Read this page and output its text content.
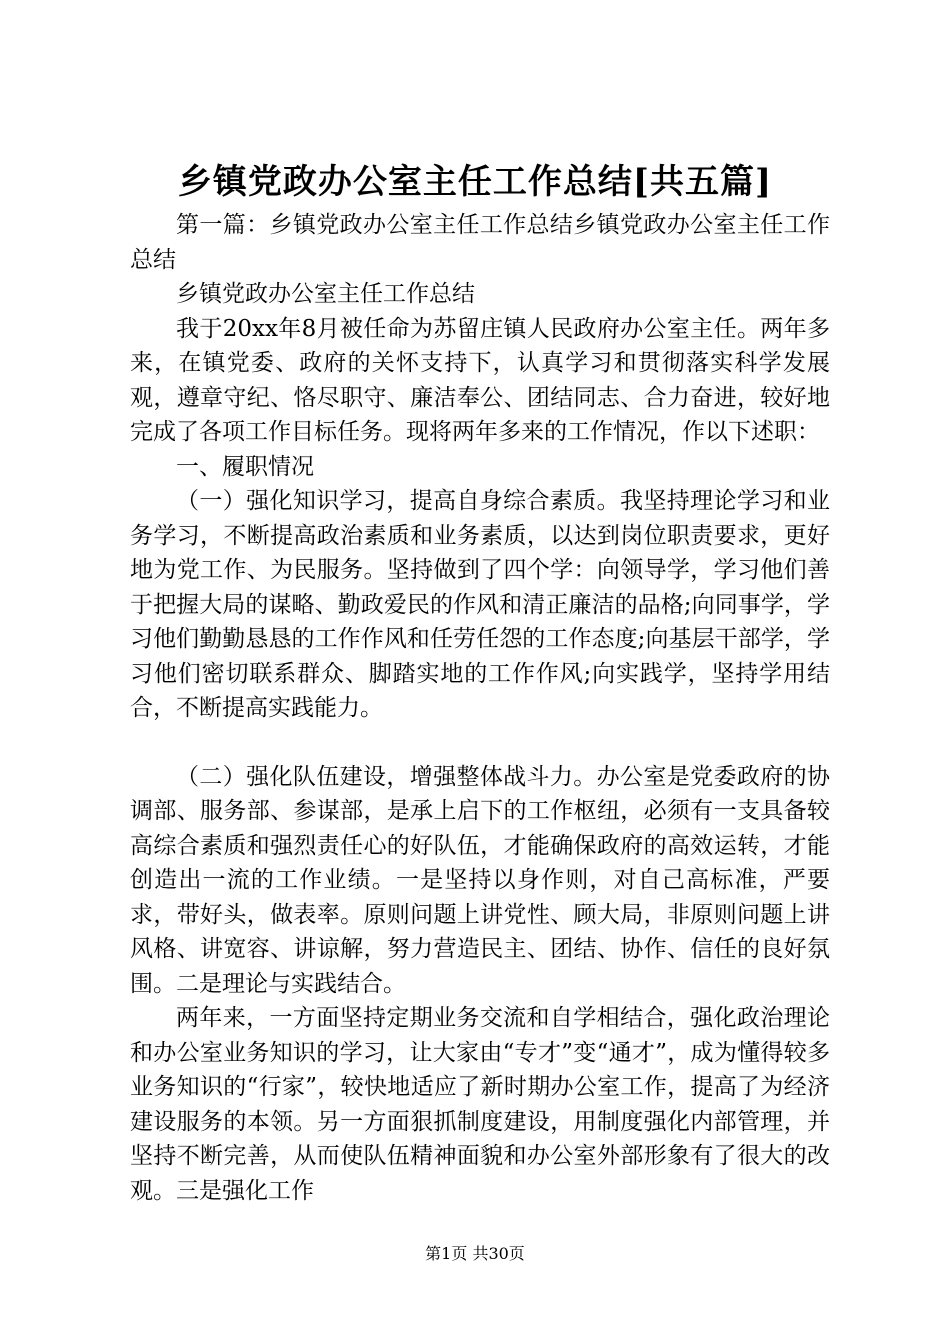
乡镇党政办公室主任工作总结[共五篇]

第一篇：乡镇党政办公室主任工作总结乡镇党政办公室主任工作总结

乡镇党政办公室主任工作总结

我于20xx年8月被任命为苏留庄镇人民政府办公室主任。两年多来，在镇党委、政府的关怀支持下，认真学习和贯彻落实科学发展观，遵章守纪、恪尽职守、廉洁奉公、团结同志、合力奋进，较好地完成了各项工作目标任务。现将两年多来的工作情况，作以下述职：

一、履职情况

（一）强化知识学习，提高自身综合素质。我坚持理论学习和业务学习，不断提高政治素质和业务素质，以达到岗位职责要求，更好地为党工作、为民服务。坚持做到了四个学：向领导学，学习他们善于把握大局的谋略、勤政爱民的作风和清正廉洁的品格;向同事学，学习他们勤勤恳恳的工作作风和任劳任怨的工作态度;向基层干部学，学习他们密切联系群众、脚踏实地的工作作风;向实践学，坚持学用结合，不断提高实践能力。

（二）强化队伍建设，增强整体战斗力。办公室是党委政府的协调部、服务部、参谋部，是承上启下的工作枢纽，必须有一支具备较高综合素质和强烈责任心的好队伍，才能确保政府的高效运转，才能创造出一流的工作业绩。一是坚持以身作则，对自己高标准，严要求，带好头，做表率。原则问题上讲党性、顾大局，非原则问题上讲风格、讲宽容、讲谅解，努力营造民主、团结、协作、信任的良好氛围。二是理论与实践结合。

两年来，一方面坚持定期业务交流和自学相结合，强化政治理论和办公室业务知识的学习，让大家由“专才”变“通才”，成为懂得较多业务知识的“行家”，较快地适应了新时期办公室工作，提高了为经济建设服务的本领。另一方面狠抓制度建设，用制度强化内部管理，并坚持不断完善，从而使队伍精神面貌和办公室外部形象有了很大的改观。三是强化工作

第1页 共30页
